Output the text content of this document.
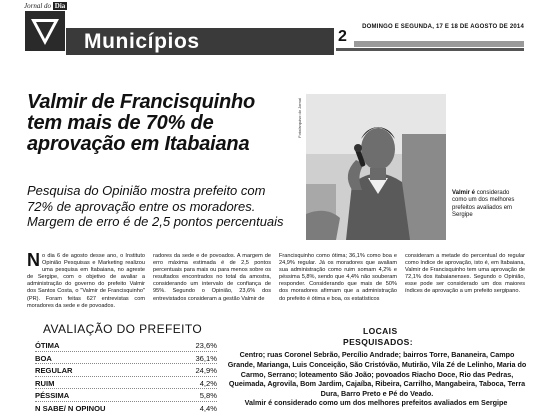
Jornal do Dia
DOMINGO E SEGUNDA, 17 E 18 DE AGOSTO DE 2014
Municípios	2
Valmir de Francisquinho tem mais de 70% de aprovação em Itabaiana

Pesquisa do Opinião mostra prefeito com 72% de aprovação entre os moradores. Margem de erro é de 2,5 pontos percentuais

Foto/arquivo do Jornal
Valmir é considerado como um dos melhores prefeitos avaliados em Sergipe
No dia 6 de agosto desse ano, o Instituto Opinião Pesquisas e Marketing realizou uma pesquisa em Itabaiana, no agreste de Sergipe, com o objetivo de avaliar a administração do governo do prefeito Valmir dos Santos Costa, o "Valmir de Francisquinho" (PR). Foram feitas 627 entrevistas com moradores da sede e de povoados.
radores da sede e de povoados. A margem de erro máxima estimada é de 2,5 pontos percentuais para mais ou para menos sobre os resultados encontrados no total da amostra, considerando um intervalo de confiança de 95%. Segundo o Opinião, 23,6% dos entrevistados consideram a gestão Valmir de
Francisquinho como ótima; 36,1% como boa e 24,9% regular. Já os moradores que avaliam sua administração como ruim somam 4,2% e péssima 5,8%, sendo que 4,4% não souberam responder. Considerando que mais de 50% dos moradores afirmam que a administração do prefeito é ótima e boa, os estatísticos
consideram a metade do percentual do regular como índice de aprovação, isto é, em Itabaiana, Valmir de Francisquinho tem uma aprovação de 72,1% dos itabaianenses. Segundo o Opinião, esse pode ser considerado um dos maiores índices de aprovação a um prefeito sergipano.
AVALIAÇÃO DO PREFEITO
ÓTIMA	23,6%
BOA	36,1%
REGULAR	24,9%
RUIM	4,2%
PÉSSIMA	5,8%
N SABE/ N OPINOU	4,4%
LOCAIS
PESQUISADOS:
Centro; ruas Coronel Sebrão, Percílio Andrade; bairros Torre, Bananeira, Campo Grande, Marianga, Luis Conceição, São Cristóvão, Mutirão, Vila Zé de Lelinho, Maria do Carmo, Serrano; loteamento São João; povoados Riacho Doce, Rio das Pedras, Queimada, Agrovila, Bom Jardim, Cajaíba, Ribeira, Carrilho, Mangabeira, Taboca, Terra Dura, Barro Preto e Pé do Veado.
Valmir é considerado como um dos melhores prefeitos avaliados em Sergipe
